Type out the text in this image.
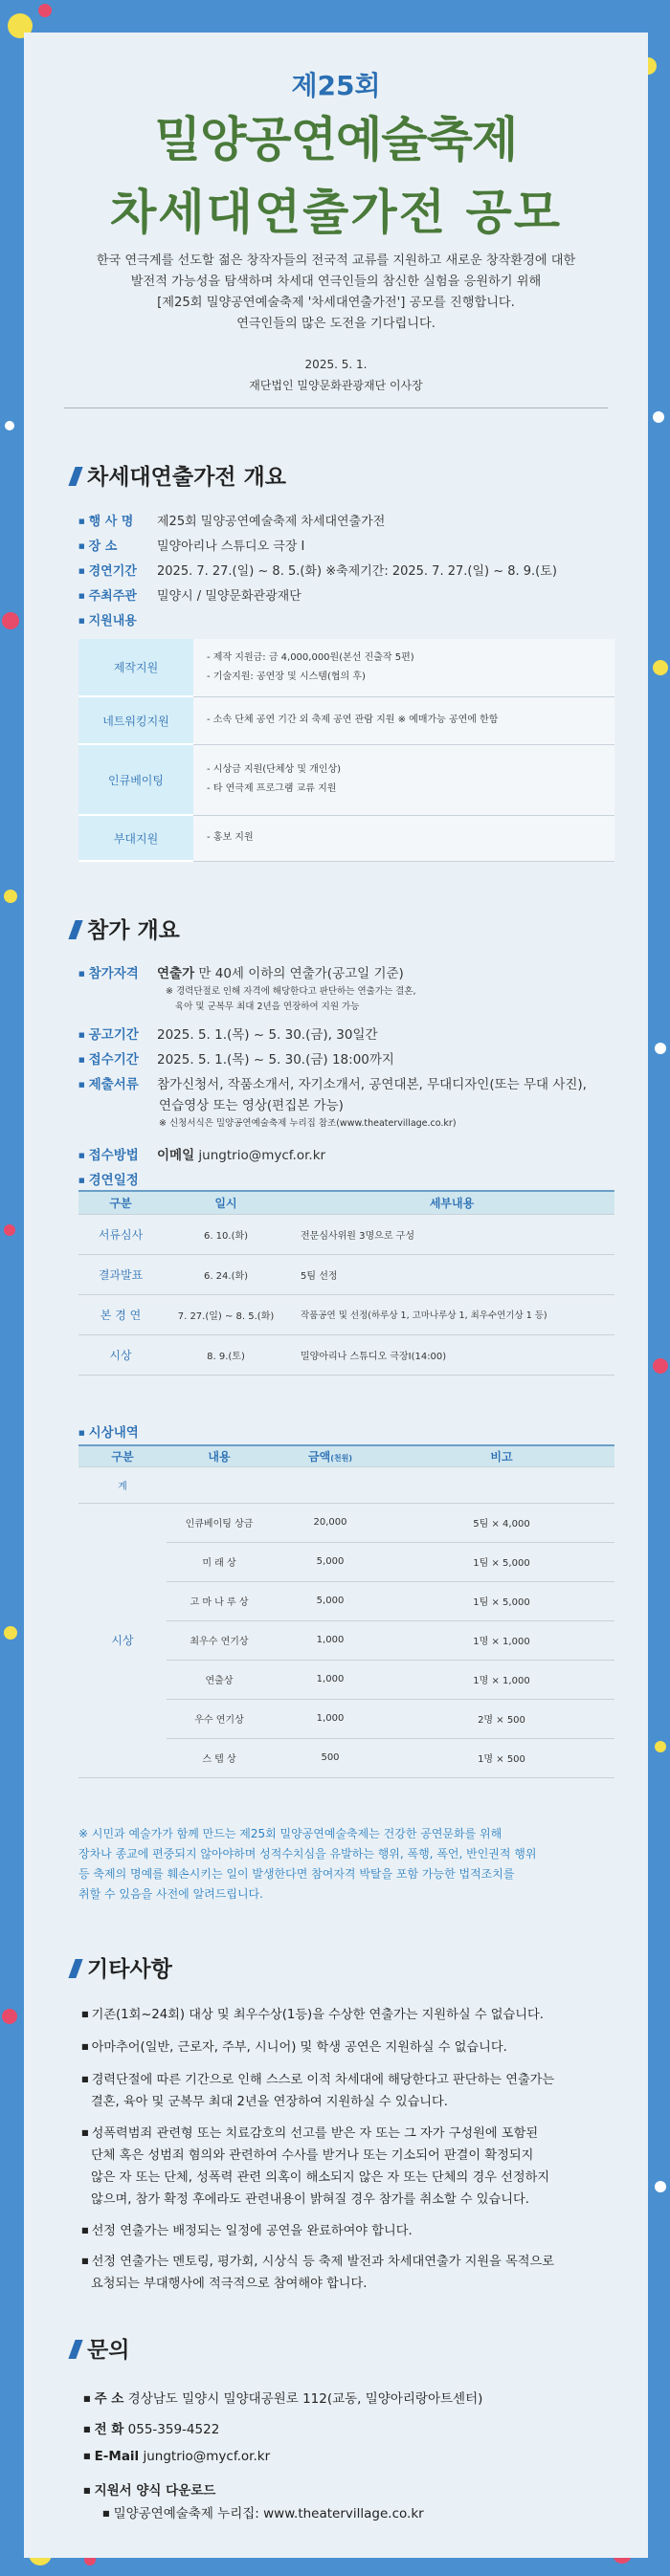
제25회
밀양공연예술축제
차세대연출가전 공모
한국 연극계를 선도할 젊은 창작자들의 전국적 교류를 지원하고 새로운 창작환경에 대한
발전적 가능성을 탐색하며 차세대 연극인들의 참신한 실험을 응원하기 위해
[제25회 밀양공연예술축제 '차세대연출가전'] 공모를 진행합니다.
연극인들의 많은 도전을 기다립니다.
2025. 5. 1.
재단법인 밀양문화관광재단 이사장
차세대연출가전 개요
■ 행 사 명 제25회 밀양공연예술축제 차세대연출가전
■ 장 소	밀양아리나 스튜디오 극장 I
■ 경연기간 2025. 7. 27.(일) ~ 8. 5.(화) ※축제기간: 2025. 7. 27.(일) ~ 8. 9.(토)
■ 주최주관 밀양시 / 밀양문화관광재단
■ 지원내용
제작지원	- 제작 지원금: 금 4,000,000원(본선 진출작 5편)
- 기술지원: 공연장 및 시스템(협의 후)

네트워킹지원	- 소속 단체 공연 기간 외 축제 공연 관람 지원 ※ 예매가능 공연에 한함

인큐베이팅	- 시상금 지원(단체상 및 개인상)
- 타 연극제 프로그램 교류 지원

부대지원	- 홍보 지원
참가 개요
■ 참가자격 연출가 만 40세 이하의 연출가(공고일 기준)
※ 경력단절로 인해 자격에 해당한다고 판단하는 연출가는 결혼,
육아 및 군복무 최대 2년을 연장하여 지원 가능
■ 공고기간 2025. 5. 1.(목) ~ 5. 30.(금), 30일간
■ 접수기간 2025. 5. 1.(목) ~ 5. 30.(금) 18:00까지
■ 제출서류 참가신청서, 작품소개서, 자기소개서, 공연대본, 무대디자인(또는 무대 사진),
연습영상 또는 영상(편집본 가능)
※ 신청서식은 밀양공연예술축제 누리집 참조(www.theatervillage.co.kr)
■ 접수방법 이메일 jungtrio@mycf.or.kr
■ 경연일정
구분	일시	세부내용
서류심사	6. 10.(화)	전문심사위원 3명으로 구성
결과발표	6. 24.(화)	5팀 선정
본 경 연	7. 27.(일) ~ 8. 5.(화)	작품공연 및 선정(하루상 1, 고마나루상 1, 최우수연기상 1 등)
시상	8. 9.(토)	밀양아리나 스튜디오 극장I(14:00)
■ 시상내역
구분	내용	금액(천원)	비고
계			
시상	인큐베이팅 상금	20,000	5팀 × 4,000
	미 래 상	5,000	1팀 × 5,000
	고 마 나 루 상	5,000	1팀 × 5,000
	최우수 연기상	1,000	1명 × 1,000
	연출상	1,000	1명 × 1,000
	우수 연기상	1,000	2명 × 500
	스 텝 상	500	1명 × 500
※ 시민과 예술가가 함께 만드는 제25회 밀양공연예술축제는 건강한 공연문화를 위해
장차나 종교에 편중되지 않아야하며 성적수치심을 유발하는 행위, 폭행, 폭언, 반인권적 행위
등 축제의 명예를 훼손시키는 일이 발생한다면 참여자격 박탈을 포함 가능한 법적조치를
취할 수 있음을 사전에 알려드립니다.
기타사항
■ 기존(1회~24회) 대상 및 최우수상(1등)을 수상한 연출가는 지원하실 수 없습니다.
■ 아마추어(일반, 근로자, 주부, 시니어) 및 학생 공연은 지원하실 수 없습니다.
■ 경력단절에 따른 기간으로 인해 스스로 이적 차세대에 해당한다고 판단하는 연출가는
결혼, 육아 및 군복무 최대 2년을 연장하여 지원하실 수 있습니다.
■ 성폭력범죄 관련형 또는 치료감호의 선고를 받은 자 또는 그 자가 구성원에 포함된
단체 혹은 성범죄 혐의와 관련하여 수사를 받거나 또는 기소되어 판결이 확정되지
않은 자 또는 단체, 성폭력 관련 의혹이 해소되지 않은 자 또는 단체의 경우 선정하지
않으며, 참가 확정 후에라도 관련내용이 밝혀질 경우 참가를 취소할 수 있습니다.
■ 선정 연출가는 배정되는 일정에 공연을 완료하여야 합니다.
■ 선정 연출가는 멘토링, 평가회, 시상식 등 축제 발전과 차세대연출가 지원을 목적으로
요청되는 부대행사에 적극적으로 참여해야 합니다.
문의
■ 주 소 경상남도 밀양시 밀양대공원로 112(교동, 밀양아리랑아트센터)
■ 전 화 055-359-4522
■ E-Mail jungtrio@mycf.or.kr
■ 지원서 양식 다운로드
■ 밀양공연예술축제 누리집: www.theatervillage.co.kr
